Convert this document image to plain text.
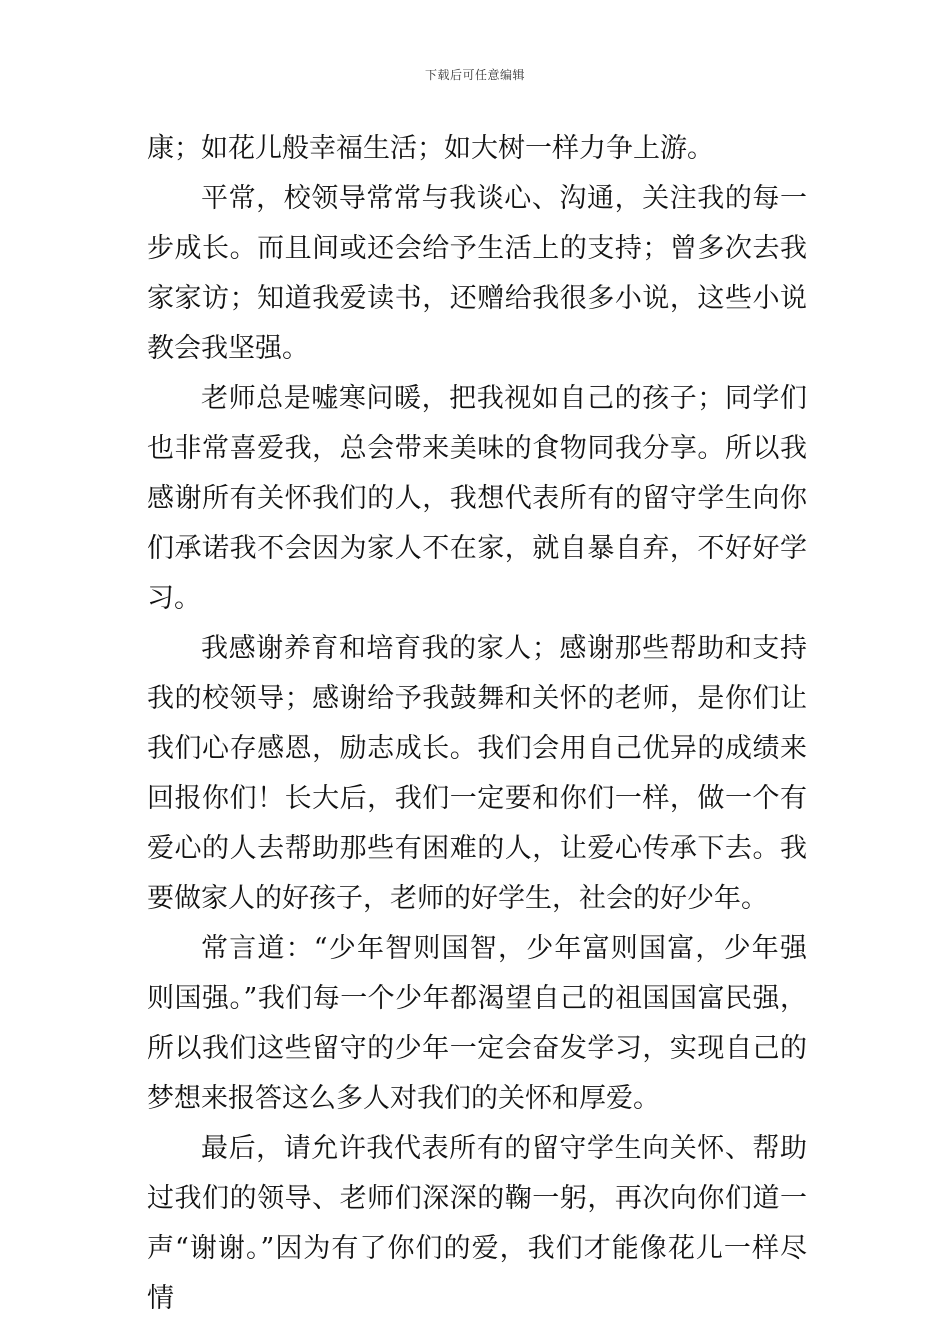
下载后可任意编辑

康；如花儿般幸福生活；如大树一样力争上游。

平常，校领导常常与我谈心、沟通，关注我的每一步成长。而且间或还会给予生活上的支持；曾多次去我家家访；知道我爱读书，还赠给我很多小说，这些小说教会我坚强。

老师总是嘘寒问暖，把我视如自己的孩子；同学们也非常喜爱我，总会带来美味的食物同我分享。所以我感谢所有关怀我们的人，我想代表所有的留守学生向你们承诺我不会因为家人不在家，就自暴自弃，不好好学习。

我感谢养育和培育我的家人；感谢那些帮助和支持我的校领导；感谢给予我鼓舞和关怀的老师，是你们让我们心存感恩，励志成长。我们会用自己优异的成绩来回报你们！长大后，我们一定要和你们一样，做一个有爱心的人去帮助那些有困难的人，让爱心传承下去。我要做家人的好孩子，老师的好学生，社会的好少年。

常言道：“少年智则国智，少年富则国富，少年强则国强。”我们每一个少年都渴望自己的祖国国富民强，所以我们这些留守的少年一定会奋发学习，实现自己的梦想来报答这么多人对我们的关怀和厚爱。

最后，请允许我代表所有的留守学生向关怀、帮助过我们的领导、老师们深深的鞠一躬，再次向你们道一声“谢谢。”因为有了你们的爱，我们才能像花儿一样尽情
